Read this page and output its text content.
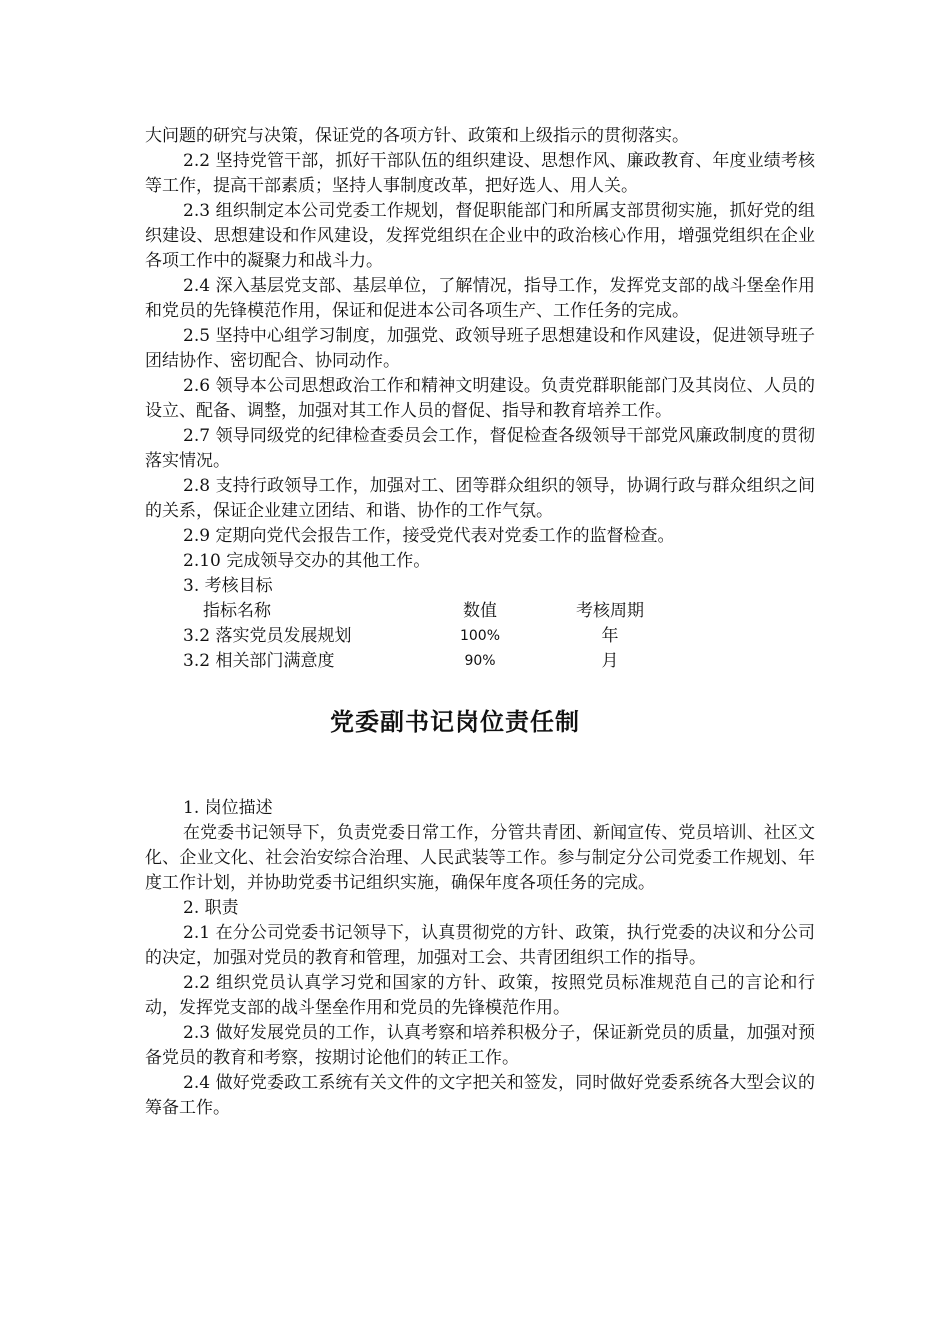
大问题的研究与决策，保证党的各项方针、政策和上级指示的贯彻落实。

2.2 坚持党管干部，抓好干部队伍的组织建设、思想作风、廉政教育、年度业绩考核等工作，提高干部素质；坚持人事制度改革，把好选人、用人关。

2.3 组织制定本公司党委工作规划，督促职能部门和所属支部贯彻实施，抓好党的组织建设、思想建设和作风建设，发挥党组织在企业中的政治核心作用，增强党组织在企业各项工作中的凝聚力和战斗力。

2.4 深入基层党支部、基层单位，了解情况，指导工作，发挥党支部的战斗堡垒作用和党员的先锋模范作用，保证和促进本公司各项生产、工作任务的完成。

2.5 坚持中心组学习制度，加强党、政领导班子思想建设和作风建设，促进领导班子团结协作、密切配合、协同动作。

2.6 领导本公司思想政治工作和精神文明建设。负责党群职能部门及其岗位、人员的设立、配备、调整，加强对其工作人员的督促、指导和教育培养工作。

2.7 领导同级党的纪律检查委员会工作，督促检查各级领导干部党风廉政制度的贯彻落实情况。

2.8 支持行政领导工作，加强对工、团等群众组织的领导，协调行政与群众组织之间的关系，保证企业建立团结、和谐、协作的工作气氛。

2.9 定期向党代会报告工作，接受党代表对党委工作的监督检查。

2.10 完成领导交办的其他工作。

3. 考核目标

指标名称	数值	考核周期
3.2 落实党员发展规划	100%	年
3.2 相关部门满意度	90%	月
党委副书记岗位责任制

1. 岗位描述

在党委书记领导下，负责党委日常工作，分管共青团、新闻宣传、党员培训、社区文化、企业文化、社会治安综合治理、人民武装等工作。参与制定分公司党委工作规划、年度工作计划，并协助党委书记组织实施，确保年度各项任务的完成。

2. 职责

2.1 在分公司党委书记领导下，认真贯彻党的方针、政策，执行党委的决议和分公司的决定，加强对党员的教育和管理，加强对工会、共青团组织工作的指导。

2.2 组织党员认真学习党和国家的方针、政策，按照党员标准规范自己的言论和行动，发挥党支部的战斗堡垒作用和党员的先锋模范作用。

2.3 做好发展党员的工作，认真考察和培养积极分子，保证新党员的质量，加强对预备党员的教育和考察，按期讨论他们的转正工作。

2.4 做好党委政工系统有关文件的文字把关和签发，同时做好党委系统各大型会议的筹备工作。
